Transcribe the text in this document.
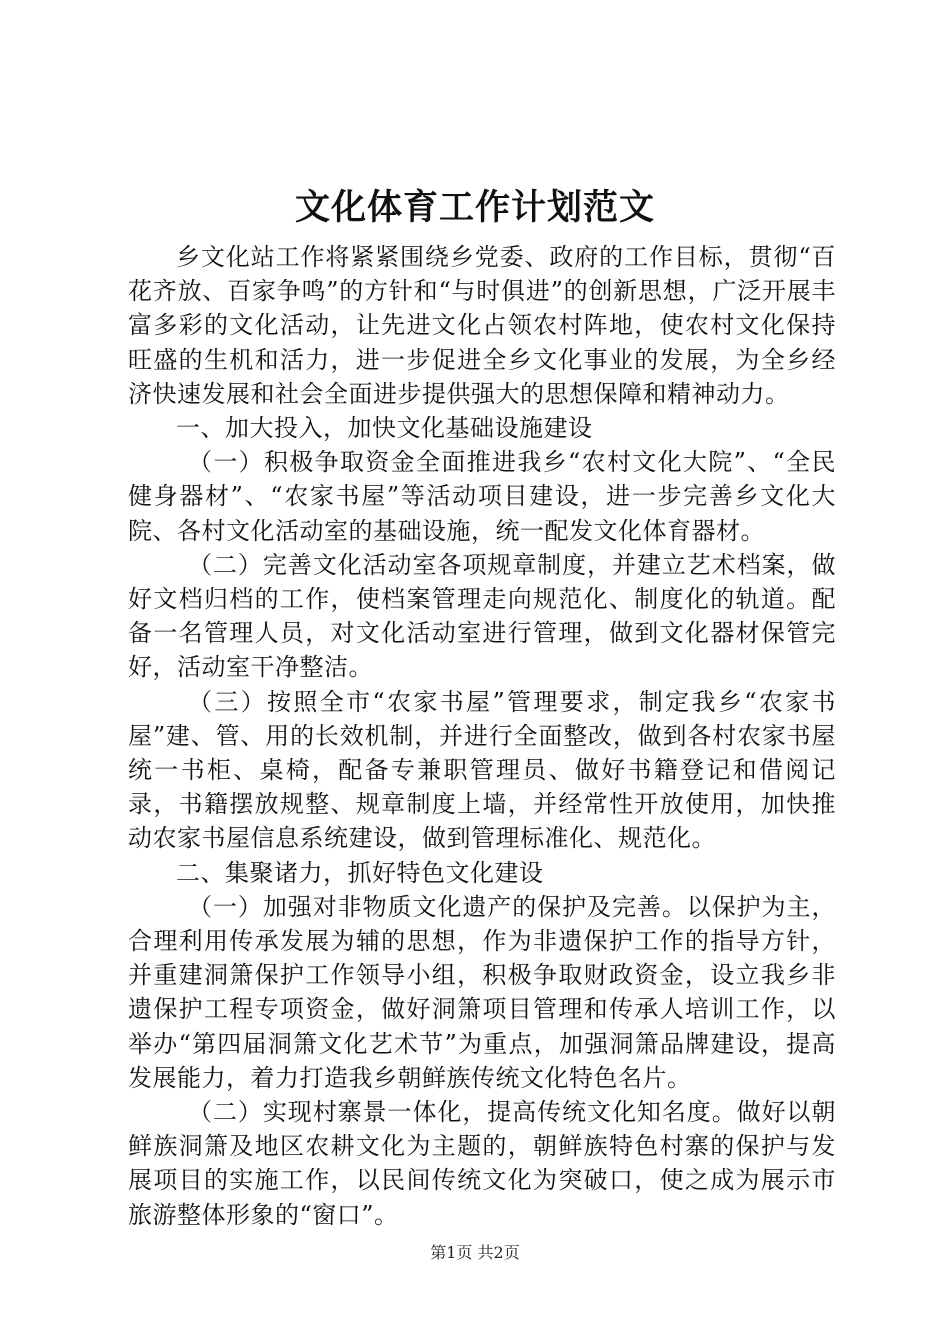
文化体育工作计划范文

乡文化站工作将紧紧围绕乡党委、政府的工作目标，贯彻“百花齐放、百家争鸣”的方针和“与时俱进”的创新思想，广泛开展丰富多彩的文化活动，让先进文化占领农村阵地，使农村文化保持旺盛的生机和活力，进一步促进全乡文化事业的发展，为全乡经济快速发展和社会全面进步提供强大的思想保障和精神动力。

一、加大投入，加快文化基础设施建设

（一）积极争取资金全面推进我乡“农村文化大院”、“全民健身器材”、“农家书屋”等活动项目建设，进一步完善乡文化大院、各村文化活动室的基础设施，统一配发文化体育器材。

（二）完善文化活动室各项规章制度，并建立艺术档案，做好文档归档的工作，使档案管理走向规范化、制度化的轨道。配备一名管理人员，对文化活动室进行管理，做到文化器材保管完好，活动室干净整洁。

（三）按照全市“农家书屋”管理要求，制定我乡“农家书屋”建、管、用的长效机制，并进行全面整改，做到各村农家书屋统一书柜、桌椅，配备专兼职管理员、做好书籍登记和借阅记录，书籍摆放规整、规章制度上墙，并经常性开放使用，加快推动农家书屋信息系统建设，做到管理标准化、规范化。

二、集聚诸力，抓好特色文化建设

（一）加强对非物质文化遗产的保护及完善。以保护为主，合理利用传承发展为辅的思想，作为非遗保护工作的指导方针，并重建洞箫保护工作领导小组，积极争取财政资金，设立我乡非遗保护工程专项资金，做好洞箫项目管理和传承人培训工作，以举办“第四届洞箫文化艺术节”为重点，加强洞箫品牌建设，提高发展能力，着力打造我乡朝鲜族传统文化特色名片。

（二）实现村寨景一体化，提高传统文化知名度。做好以朝鲜族洞箫及地区农耕文化为主题的，朝鲜族特色村寨的保护与发展项目的实施工作，以民间传统文化为突破口，使之成为展示市旅游整体形象的“窗口”。

第1页 共2页
